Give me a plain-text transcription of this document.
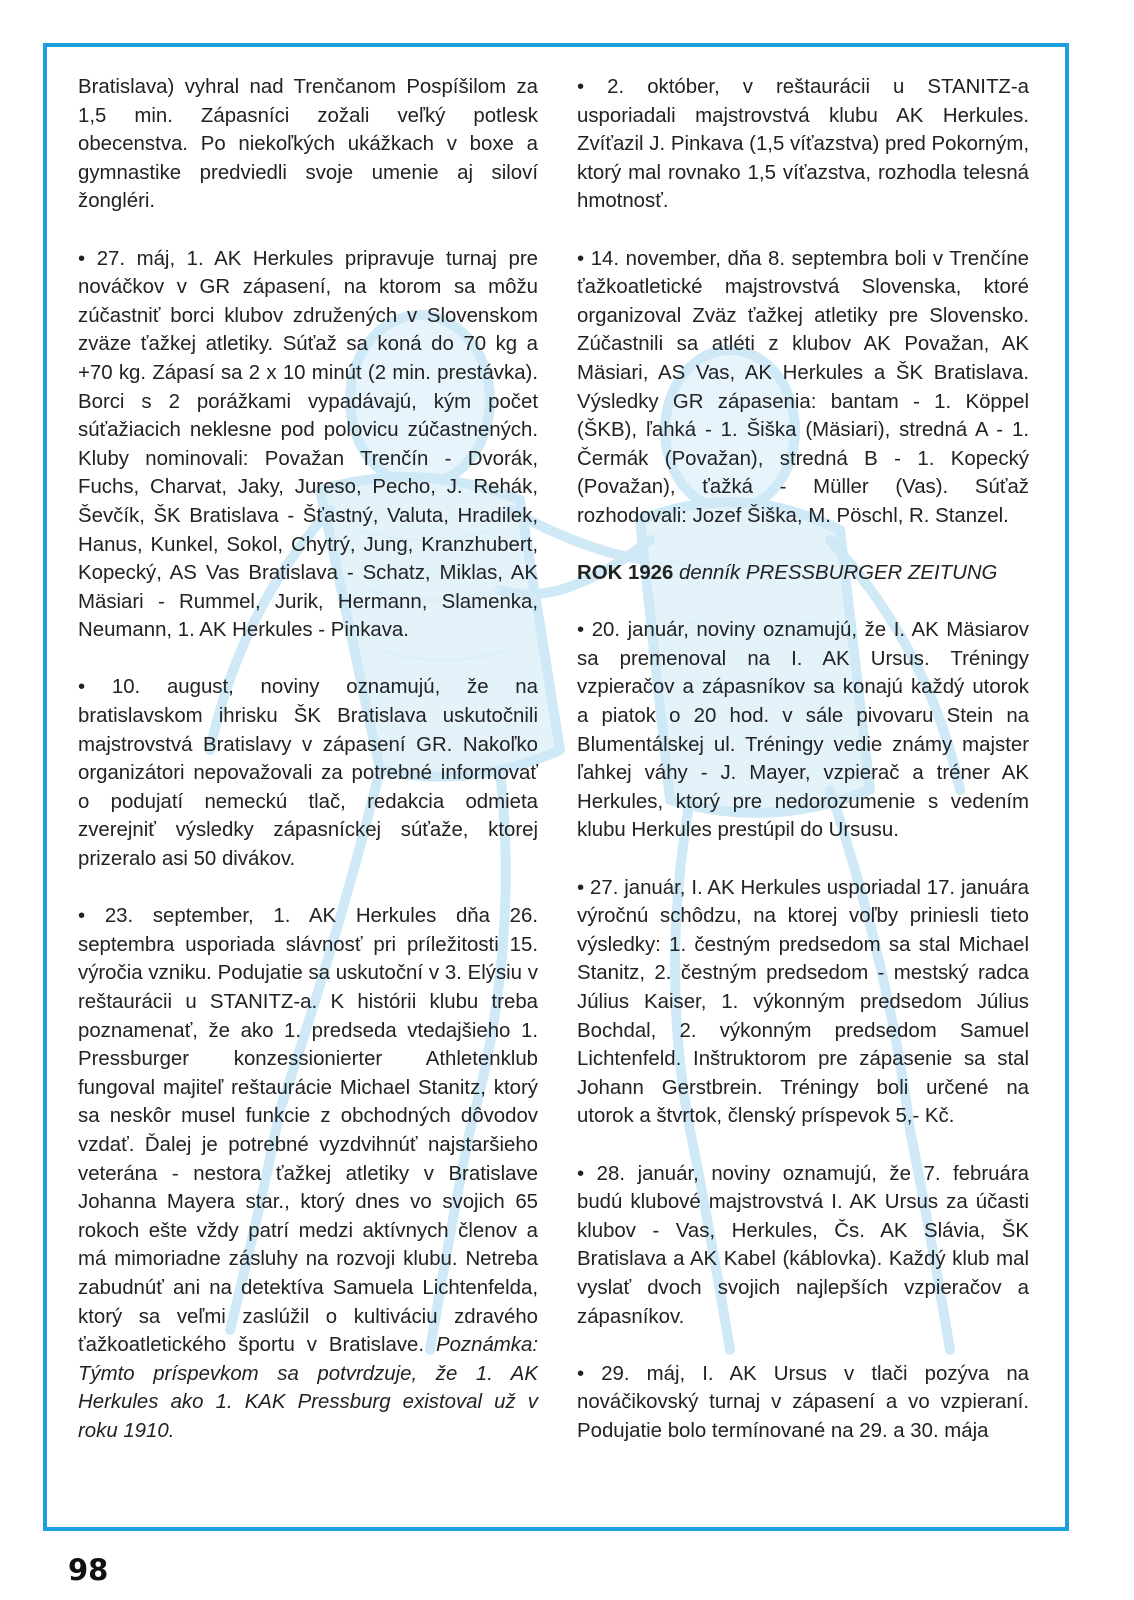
Bratislava) vyhral nad Trenčanom Pospíšilom za 1,5 min. Zápasníci zožali veľký potlesk obecenstva. Po niekoľkých ukážkach v boxe a gymnastike predviedli svoje umenie aj siloví žongléri.

• 27. máj, 1. AK Herkules pripravuje turnaj pre nováčkov v GR zápasení, na ktorom sa môžu zúčastniť borci klubov združených v Slovenskom zväze ťažkej atletiky. Súťaž sa koná do 70 kg a +70 kg. Zápasí sa 2 x 10 minút (2 min. prestávka). Borci s 2 porážkami vypadávajú, kým počet súťažiacich neklesne pod polovicu zúčastnených. Kluby nominovali: Považan Trenčín - Dvorák, Fuchs, Charvat, Jaky, Jureso, Pecho, J. Rehák, Ševčík, ŠK Bratislava - Šťastný, Valuta, Hradilek, Hanus, Kunkel, Sokol, Chytrý, Jung, Kranzhubert, Kopecký, AS Vas Bratislava - Schatz, Miklas, AK Mäsiari - Rummel, Jurik, Hermann, Slamenka, Neumann, 1. AK Herkules - Pinkava.

• 10. august, noviny oznamujú, že na bratislavskom ihrisku ŠK Bratislava uskutočnili majstrovstvá Bratislavy v zápasení GR. Nakoľko organizátori nepovažovali za potrebné informovať o podujatí nemeckú tlač, redakcia odmieta zverejniť výsledky zápasníckej súťaže, ktorej prizeralo asi 50 divákov.

• 23. september, 1. AK Herkules dňa 26. septembra usporiada slávnosť pri príležitosti 15. výročia vzniku. Podujatie sa uskutoční v 3. Elýsiu v reštaurácii u STANITZ-a. K histórii klubu treba poznamenať, že ako 1. predseda vtedajšieho 1. Pressburger konzessionierter Athletenklub fungoval majiteľ reštaurácie Michael Stanitz, ktorý sa neskôr musel funkcie z obchodných dôvodov vzdať. Ďalej je potrebné vyzdvihnúť najstaršieho veterána - nestora ťažkej atletiky v Bratislave Johanna Mayera star., ktorý dnes vo svojich 65 rokoch ešte vždy patrí medzi aktívnych členov a má mimoriadne zásluhy na rozvoji klubu. Netreba zabudnúť ani na detektíva Samuela Lichtenfelda, ktorý sa veľmi zaslúžil o kultiváciu zdravého ťažkoatletického športu v Bratislave. Poznámka: Týmto príspevkom sa potvrdzuje, že 1. AK Herkules ako 1. KAK Pressburg existoval už v roku 1910.

• 2. október, v reštaurácii u STANITZ-a usporiadali majstrovstvá klubu AK Herkules. Zvíťazil J. Pinkava (1,5 víťazstva) pred Pokorným, ktorý mal rovnako 1,5 víťazstva, rozhodla telesná hmotnosť.

• 14. november, dňa 8. septembra boli v Trenčíne ťažkoatletické majstrovstvá Slovenska, ktoré organizoval Zväz ťažkej atletiky pre Slovensko. Zúčastnili sa atléti z klubov AK Považan, AK Mäsiari, AS Vas, AK Herkules a ŠK Bratislava. Výsledky GR zápasenia: bantam - 1. Köppel (ŠKB), ľahká - 1. Šiška (Mäsiari), stredná A - 1. Čermák (Považan), stredná B - 1. Kopecký (Považan), ťažká - Müller (Vas). Súťaž rozhodovali: Jozef Šiška, M. Pöschl, R. Stanzel.

ROK 1926 denník PRESSBURGER ZEITUNG

• 20. január, noviny oznamujú, že I. AK Mäsiarov sa premenoval na I. AK Ursus. Tréningy vzpieračov a zápasníkov sa konajú každý utorok a piatok o 20 hod. v sále pivovaru Stein na Blumentálskej ul. Tréningy vedie známy majster ľahkej váhy - J. Mayer, vzpierač a tréner AK Herkules, ktorý pre nedorozumenie s vedením klubu Herkules prestúpil do Ursusu.

• 27. január, I. AK Herkules usporiadal 17. januára výročnú schôdzu, na ktorej voľby priniesli tieto výsledky: 1. čestným predsedom sa stal Michael Stanitz, 2. čestným predsedom - mestský radca Július Kaiser, 1. výkonným predsedom Július Bochdal, 2. výkonným predsedom Samuel Lichtenfeld. Inštruktorom pre zápasenie sa stal Johann Gerstbrein. Tréningy boli určené na utorok a štvrtok, členský príspevok 5,- Kč.

• 28. január, noviny oznamujú, že 7. februára budú klubové majstrovstvá I. AK Ursus za účasti klubov - Vas, Herkules, Čs. AK Slávia, ŠK Bratislava a AK Kabel (káblovka). Každý klub mal vyslať dvoch svojich najlepších vzpieračov a zápasníkov.

• 29. máj, I. AK Ursus v tlači pozýva na nováčikovský turnaj v zápasení a vo vzpieraní. Podujatie bolo termínované na 29. a 30. mája

98
